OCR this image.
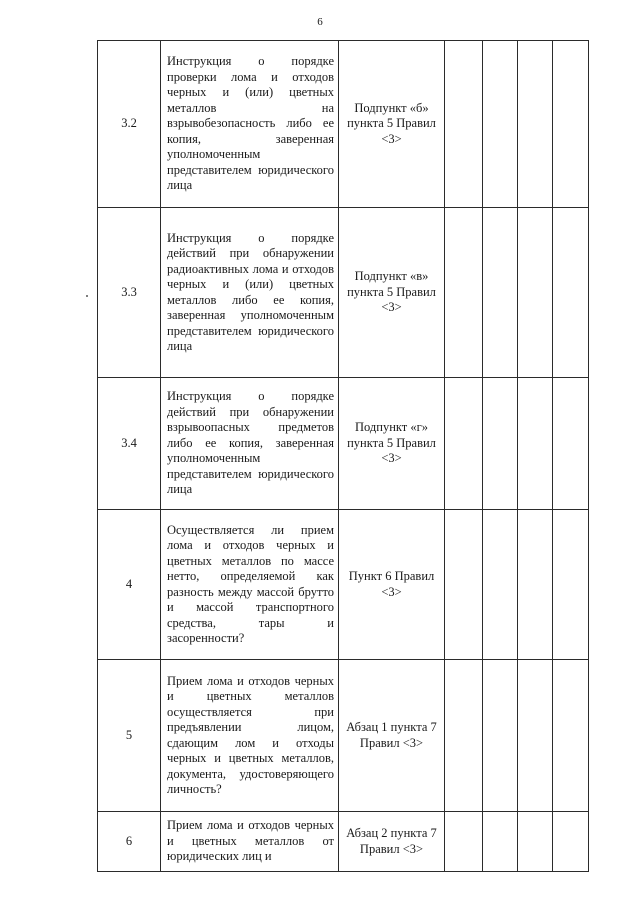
6
3.2	Инструкция о порядке проверки лома и отходов черных и (или) цветных металлов на взрывобезопасность либо ее копия, заверенная уполномоченным представителем юридического лица	Подпункт «б» пункта 5 Правил <3>				
3.3	Инструкция о порядке действий при обнаружении радиоактивных лома и отходов черных и (или) цветных металлов либо ее копия, заверенная уполномоченным представителем юридического лица	Подпункт «в» пункта 5 Правил <3>				
3.4	Инструкция о порядке действий при обнаружении взрывоопасных предметов либо ее копия, заверенная уполномоченным представителем юридического лица	Подпункт «г» пункта 5 Правил <3>				
4	Осуществляется ли прием лома и отходов черных и цветных металлов по массе нетто, определяемой как разность между массой брутто и массой транспортного средства, тары и засоренности?	Пункт 6 Правил <3>				
5	Прием лома и отходов черных и цветных металлов осуществляется при предъявлении лицом, сдающим лом и отходы черных и цветных металлов, документа, удостоверяющего личность?	Абзац 1 пункта 7 Правил <3>				
6	Прием лома и отходов черных и цветных металлов от юридических лиц и	Абзац 2 пункта 7 Правил <3>				
